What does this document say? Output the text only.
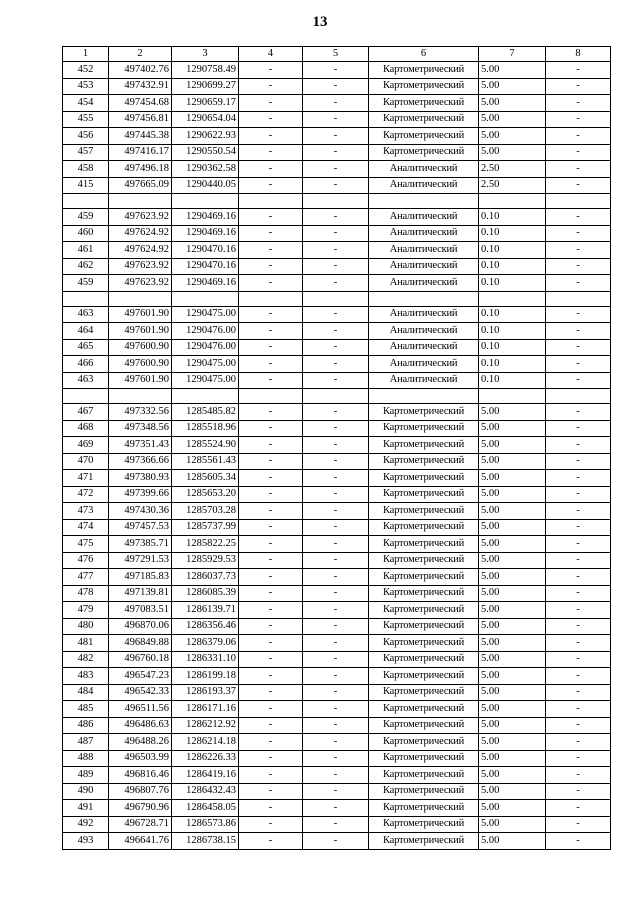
13
1	2	3	4	5	6	7	8
452	497402.76	1290758.49	-	-	Картометрический	5.00	-
453	497432.91	1290699.27	-	-	Картометрический	5.00	-
454	497454.68	1290659.17	-	-	Картометрический	5.00	-
455	497456.81	1290654.04	-	-	Картометрический	5.00	-
456	497445.38	1290622.93	-	-	Картометрический	5.00	-
457	497416.17	1290550.54	-	-	Картометрический	5.00	-
458	497496.18	1290362.58	-	-	Аналитический	2.50	-
415	497665.09	1290440.05	-	-	Аналитический	2.50	-

459	497623.92	1290469.16	-	-	Аналитический	0.10	-
460	497624.92	1290469.16	-	-	Аналитический	0.10	-
461	497624.92	1290470.16	-	-	Аналитический	0.10	-
462	497623.92	1290470.16	-	-	Аналитический	0.10	-
459	497623.92	1290469.16	-	-	Аналитический	0.10	-

463	497601.90	1290475.00	-	-	Аналитический	0.10	-
464	497601.90	1290476.00	-	-	Аналитический	0.10	-
465	497600.90	1290476.00	-	-	Аналитический	0.10	-
466	497600.90	1290475.00	-	-	Аналитический	0.10	-
463	497601.90	1290475.00	-	-	Аналитический	0.10	-

467	497332.56	1285485.82	-	-	Картометрический	5.00	-
468	497348.56	1285518.96	-	-	Картометрический	5.00	-
469	497351.43	1285524.90	-	-	Картометрический	5.00	-
470	497366.66	1285561.43	-	-	Картометрический	5.00	-
471	497380.93	1285605.34	-	-	Картометрический	5.00	-
472	497399.66	1285653.20	-	-	Картометрический	5.00	-
473	497430.36	1285703.28	-	-	Картометрический	5.00	-
474	497457.53	1285737.99	-	-	Картометрический	5.00	-
475	497385.71	1285822.25	-	-	Картометрический	5.00	-
476	497291.53	1285929.53	-	-	Картометрический	5.00	-
477	497185.83	1286037.73	-	-	Картометрический	5.00	-
478	497139.81	1286085.39	-	-	Картометрический	5.00	-
479	497083.51	1286139.71	-	-	Картометрический	5.00	-
480	496870.06	1286356.46	-	-	Картометрический	5.00	-
481	496849.88	1286379.06	-	-	Картометрический	5.00	-
482	496760.18	1286331.10	-	-	Картометрический	5.00	-
483	496547.23	1286199.18	-	-	Картометрический	5.00	-
484	496542.33	1286193.37	-	-	Картометрический	5.00	-
485	496511.56	1286171.16	-	-	Картометрический	5.00	-
486	496486.63	1286212.92	-	-	Картометрический	5.00	-
487	496488.26	1286214.18	-	-	Картометрический	5.00	-
488	496503.99	1286226.33	-	-	Картометрический	5.00	-
489	496816.46	1286419.16	-	-	Картометрический	5.00	-
490	496807.76	1286432.43	-	-	Картометрический	5.00	-
491	496790.96	1286458.05	-	-	Картометрический	5.00	-
492	496728.71	1286573.86	-	-	Картометрический	5.00	-
493	496641.76	1286738.15	-	-	Картометрический	5.00	-
